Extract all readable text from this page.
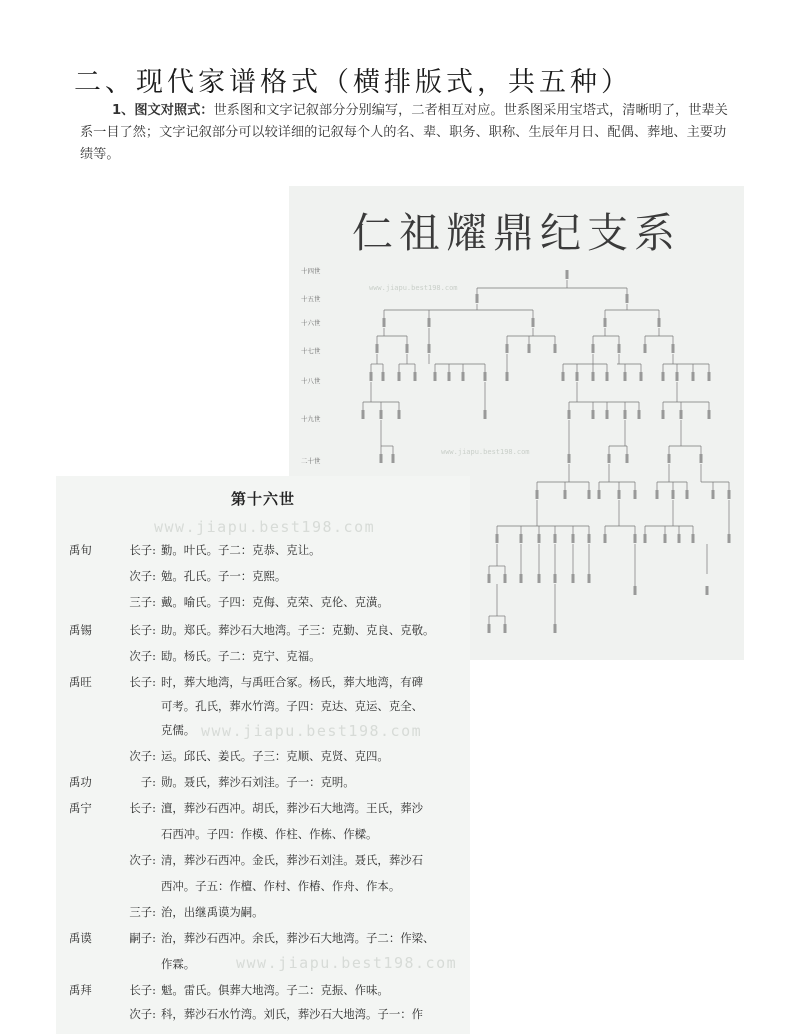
二、现代家谱格式（横排版式，共五种）

1、图文对照式：世系图和文字记叙部分分别编写，二者相互对应。世系图采用宝塔式，清晰明了，世辈关系一目了然；文字记叙部分可以较详细的记叙每个人的名、辈、职务、职称、生辰年月日、配偶、葬地、主要功绩等。

仁祖耀鼎纪支系
十四世
十五世
十六世
十七世
十八世
十九世
二十世
www.jiapu.best198.com
www.jiapu.best198.com
www.jiapu.best198.com
www.jiapu.best198.com
www.jiapu.best198.com
第十六世
禹旬	长子: 勤。叶氏。子二：克恭、克让。
次子: 勉。孔氏。子一：克熙。
三子: 戴。喻氏。子四：克侮、克荣、克伦、克潢。
禹锡	长子: 助。郑氏。葬沙石大地湾。子三：克勤、克良、克敬。
次子: 劻。杨氏。子二：克宁、克福。
禹旺	长子: 时，葬大地湾，与禹旺合冢。杨氏，葬大地湾，有碑
可考。孔氏，葬水竹湾。子四：克达、克运、克全、
克儒。
次子: 运。邱氏、姜氏。子三：克顺、克贤、克四。
禹功	子: 勋。聂氏，葬沙石刘洼。子一：克明。
禹宁	长子: 澶，葬沙石西冲。胡氏，葬沙石大地湾。王氏，葬沙
石西冲。子四：作模、作柱、作栋、作樑。
次子: 清，葬沙石西冲。金氏，葬沙石刘洼。聂氏，葬沙石
西冲。子五：作檀、作村、作椿、作舟、作本。
三子: 治，出继禹谟为嗣。
禹谟	嗣子: 治，葬沙石西冲。余氏，葬沙石大地湾。子二：作梁、
作霖。
禹拜	长子: 魁。雷氏。俱葬大地湾。子二：克振、作味。
次子: 科，葬沙石水竹湾。刘氏，葬沙石大地湾。子一：作
